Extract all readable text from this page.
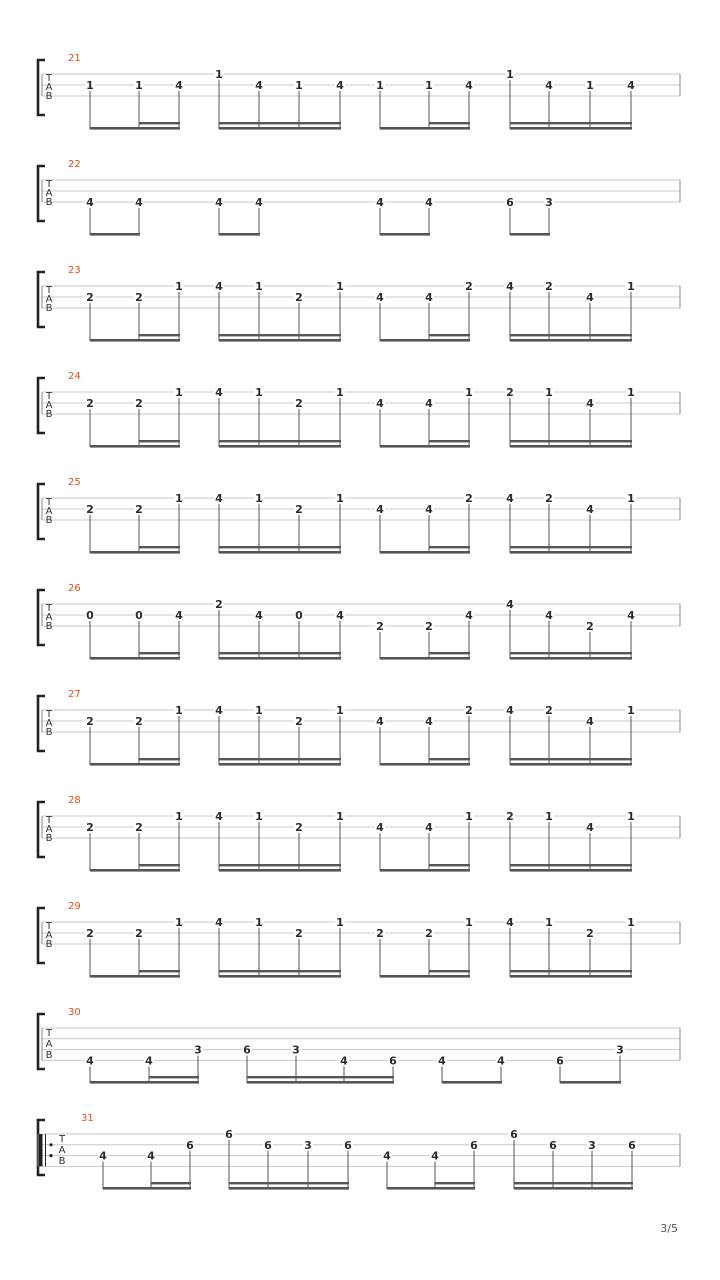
21
T
A
B
1	1	4
1
4	1	4	1	1	4
1
4	1	4
22
T
A
B	4	4	4	4	4	4	6	3
23
T
A
B
2	2
1	4	1
2
1
4	4
2	4	2
4
1
24
T
A
B
2	2
1	4	1
2
1
4	4
1	2	1
4
1
25
T
A
B
2	2
1	4	1
2
1
4	4
2	4	2
4
1
26
T
A
B
0	0	4
2
4	0	4
2	2
4
4
4
2
4
27
T
A
B
2	2
1	4	1
2
1
4	4
2	4	2
4
1
28
T
A
B
2	2
1	4	1
2
1
4	4
1	2	1
4
1
29
T
A
B
2	2
1	4	1
2
1
2	2
1	4	1
2
1
30
T
A
B	4	4
3	6	3
4	6	4	4	6
3
31
T
A
B	4	4
6
6
6	3	6
4	4
6
6
6	3	6
3/5
